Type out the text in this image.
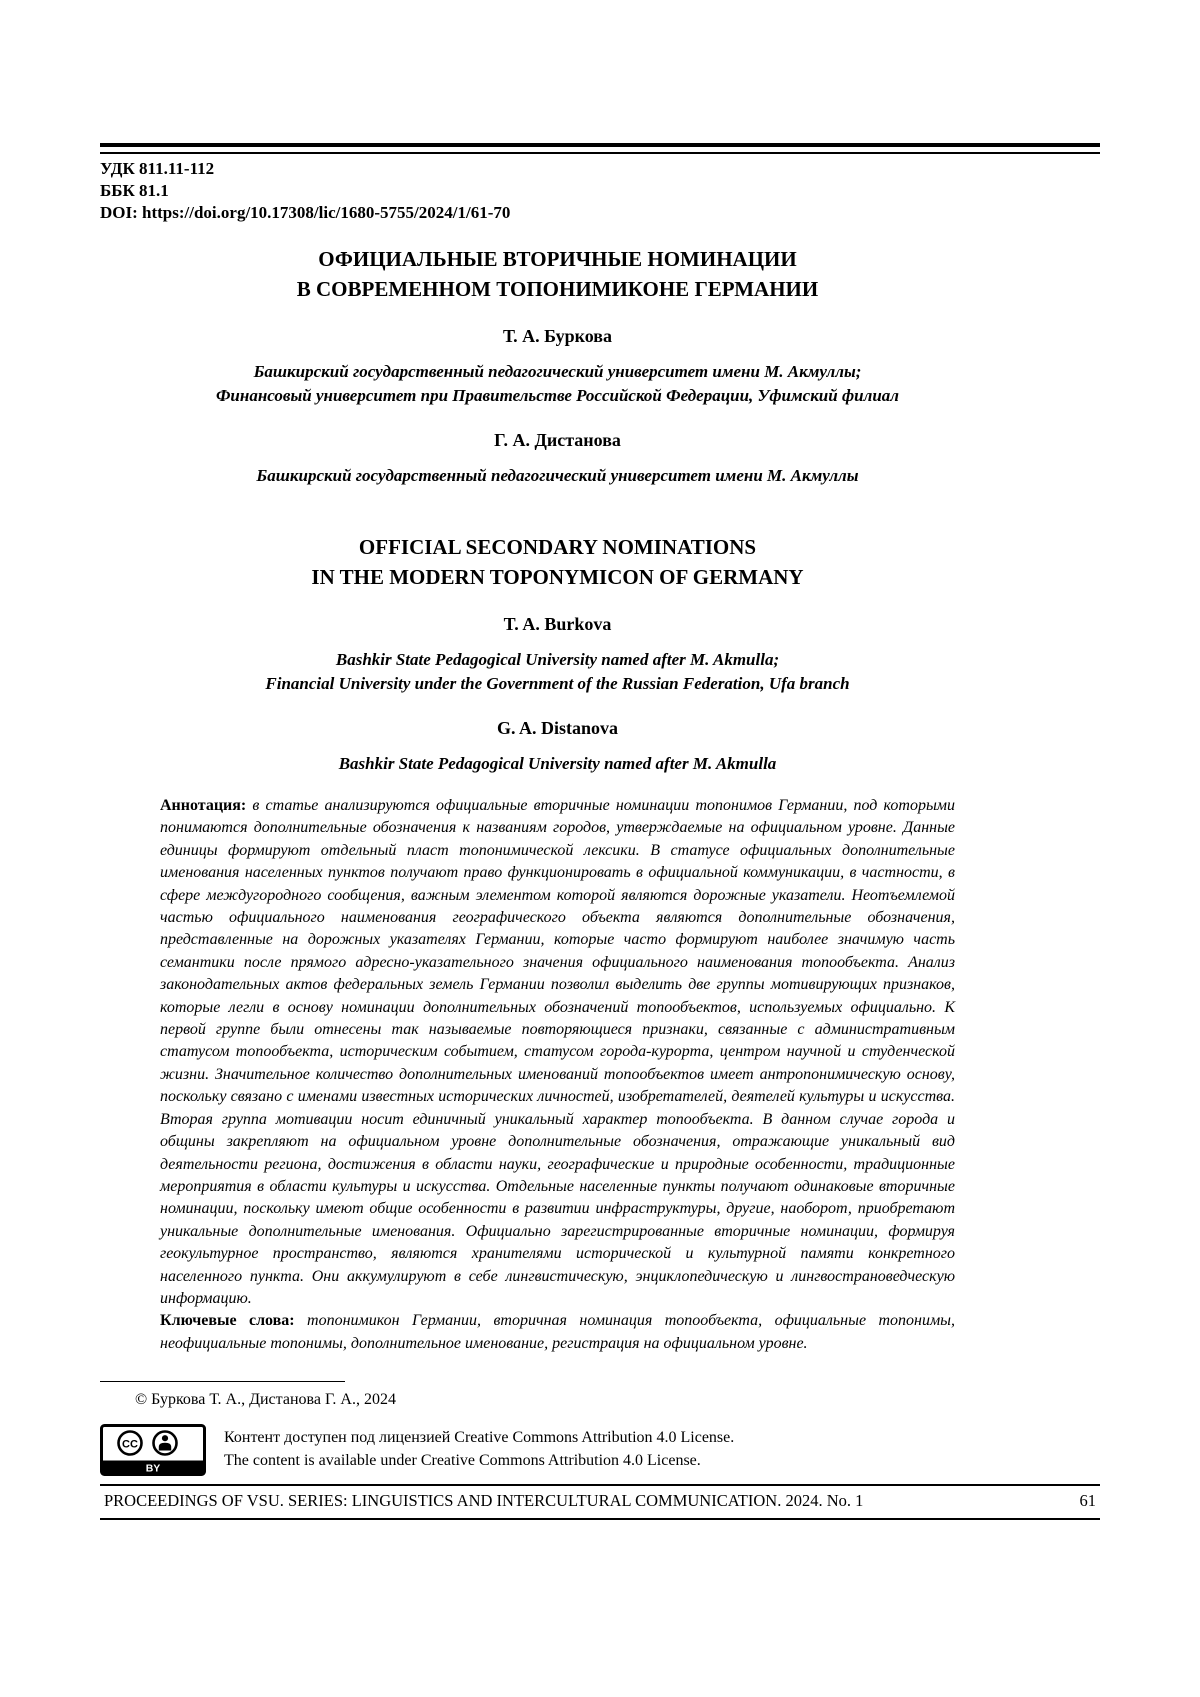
УДК 811.11-112
ББК 81.1
DOI: https://doi.org/10.17308/lic/1680-5755/2024/1/61-70
ОФИЦИАЛЬНЫЕ ВТОРИЧНЫЕ НОМИНАЦИИ
В СОВРЕМЕННОМ ТОПОНИМИКОНЕ ГЕРМАНИИ
Т. А. Буркова
Башкирский государственный педагогический университет имени М. Акмуллы;
Финансовый университет при Правительстве Российской Федерации, Уфимский филиал
Г. А. Дистанова
Башкирский государственный педагогический университет имени М. Акмуллы
OFFICIAL SECONDARY NOMINATIONS
IN THE MODERN TOPONYMICON OF GERMANY
T. A. Burkova
Bashkir State Pedagogical University named after M. Akmulla;
Financial University under the Government of the Russian Federation, Ufa branch
G. A. Distanova
Bashkir State Pedagogical University named after M. Akmulla

Аннотация: в статье анализируются официальные вторичные номинации топонимов Германии, под которыми понимаются дополнительные обозначения к названиям городов, утверждаемые на официальном уровне. Данные единицы формируют отдельный пласт топонимической лексики. В статусе официальных дополнительные именования населенных пунктов получают право функционировать в официальной коммуникации, в частности, в сфере междугородного сообщения, важным элементом которой являются дорожные указатели. Неотъемлемой частью официального наименования географического объекта являются дополнительные обозначения, представленные на дорожных указателях Германии, которые часто формируют наиболее значимую часть семантики после прямого адресно-указательного значения официального наименования топообъекта. Анализ законодательных актов федеральных земель Германии позволил выделить две группы мотивирующих признаков, которые легли в основу номинации дополнительных обозначений топообъектов, используемых официально. К первой группе были отнесены так называемые повторяющиеся признаки, связанные с административным статусом топообъекта, историческим событием, статусом города-курорта, центром научной и студенческой жизни. Значительное количество дополнительных именований топообъектов имеет антропонимическую основу, поскольку связано с именами известных исторических личностей, изобретателей, деятелей культуры и искусства. Вторая группа мотивации носит единичный уникальный характер топообъекта. В данном случае города и общины закрепляют на официальном уровне дополнительные обозначения, отражающие уникальный вид деятельности региона, достижения в области науки, географические и природные особенности, традиционные мероприятия в области культуры и искусства. Отдельные населенные пункты получают одинаковые вторичные номинации, поскольку имеют общие особенности в развитии инфраструктуры, другие, наоборот, приобретают уникальные дополнительные именования. Официально зарегистрированные вторичные номинации, формируя геокультурное пространство, являются хранителями исторической и культурной памяти конкретного населенного пункта. Они аккумулируют в себе лингвистическую, энциклопедическую и лингвострановедческую информацию.

Ключевые слова: топонимикон Германии, вторичная номинация топообъекта, официальные топонимы, неофициальные топонимы, дополнительное именование, регистрация на официальном уровне.

© Буркова Т. А., Дистанова Г. А., 2024
CC
BY
Контент доступен под лицензией Creative Commons Attribution 4.0 License.
The content is available under Creative Commons Attribution 4.0 License.
PROCEEDINGS OF VSU. SERIES: LINGUISTICS AND INTERCULTURAL COMMUNICATION. 2024. No. 1	61
